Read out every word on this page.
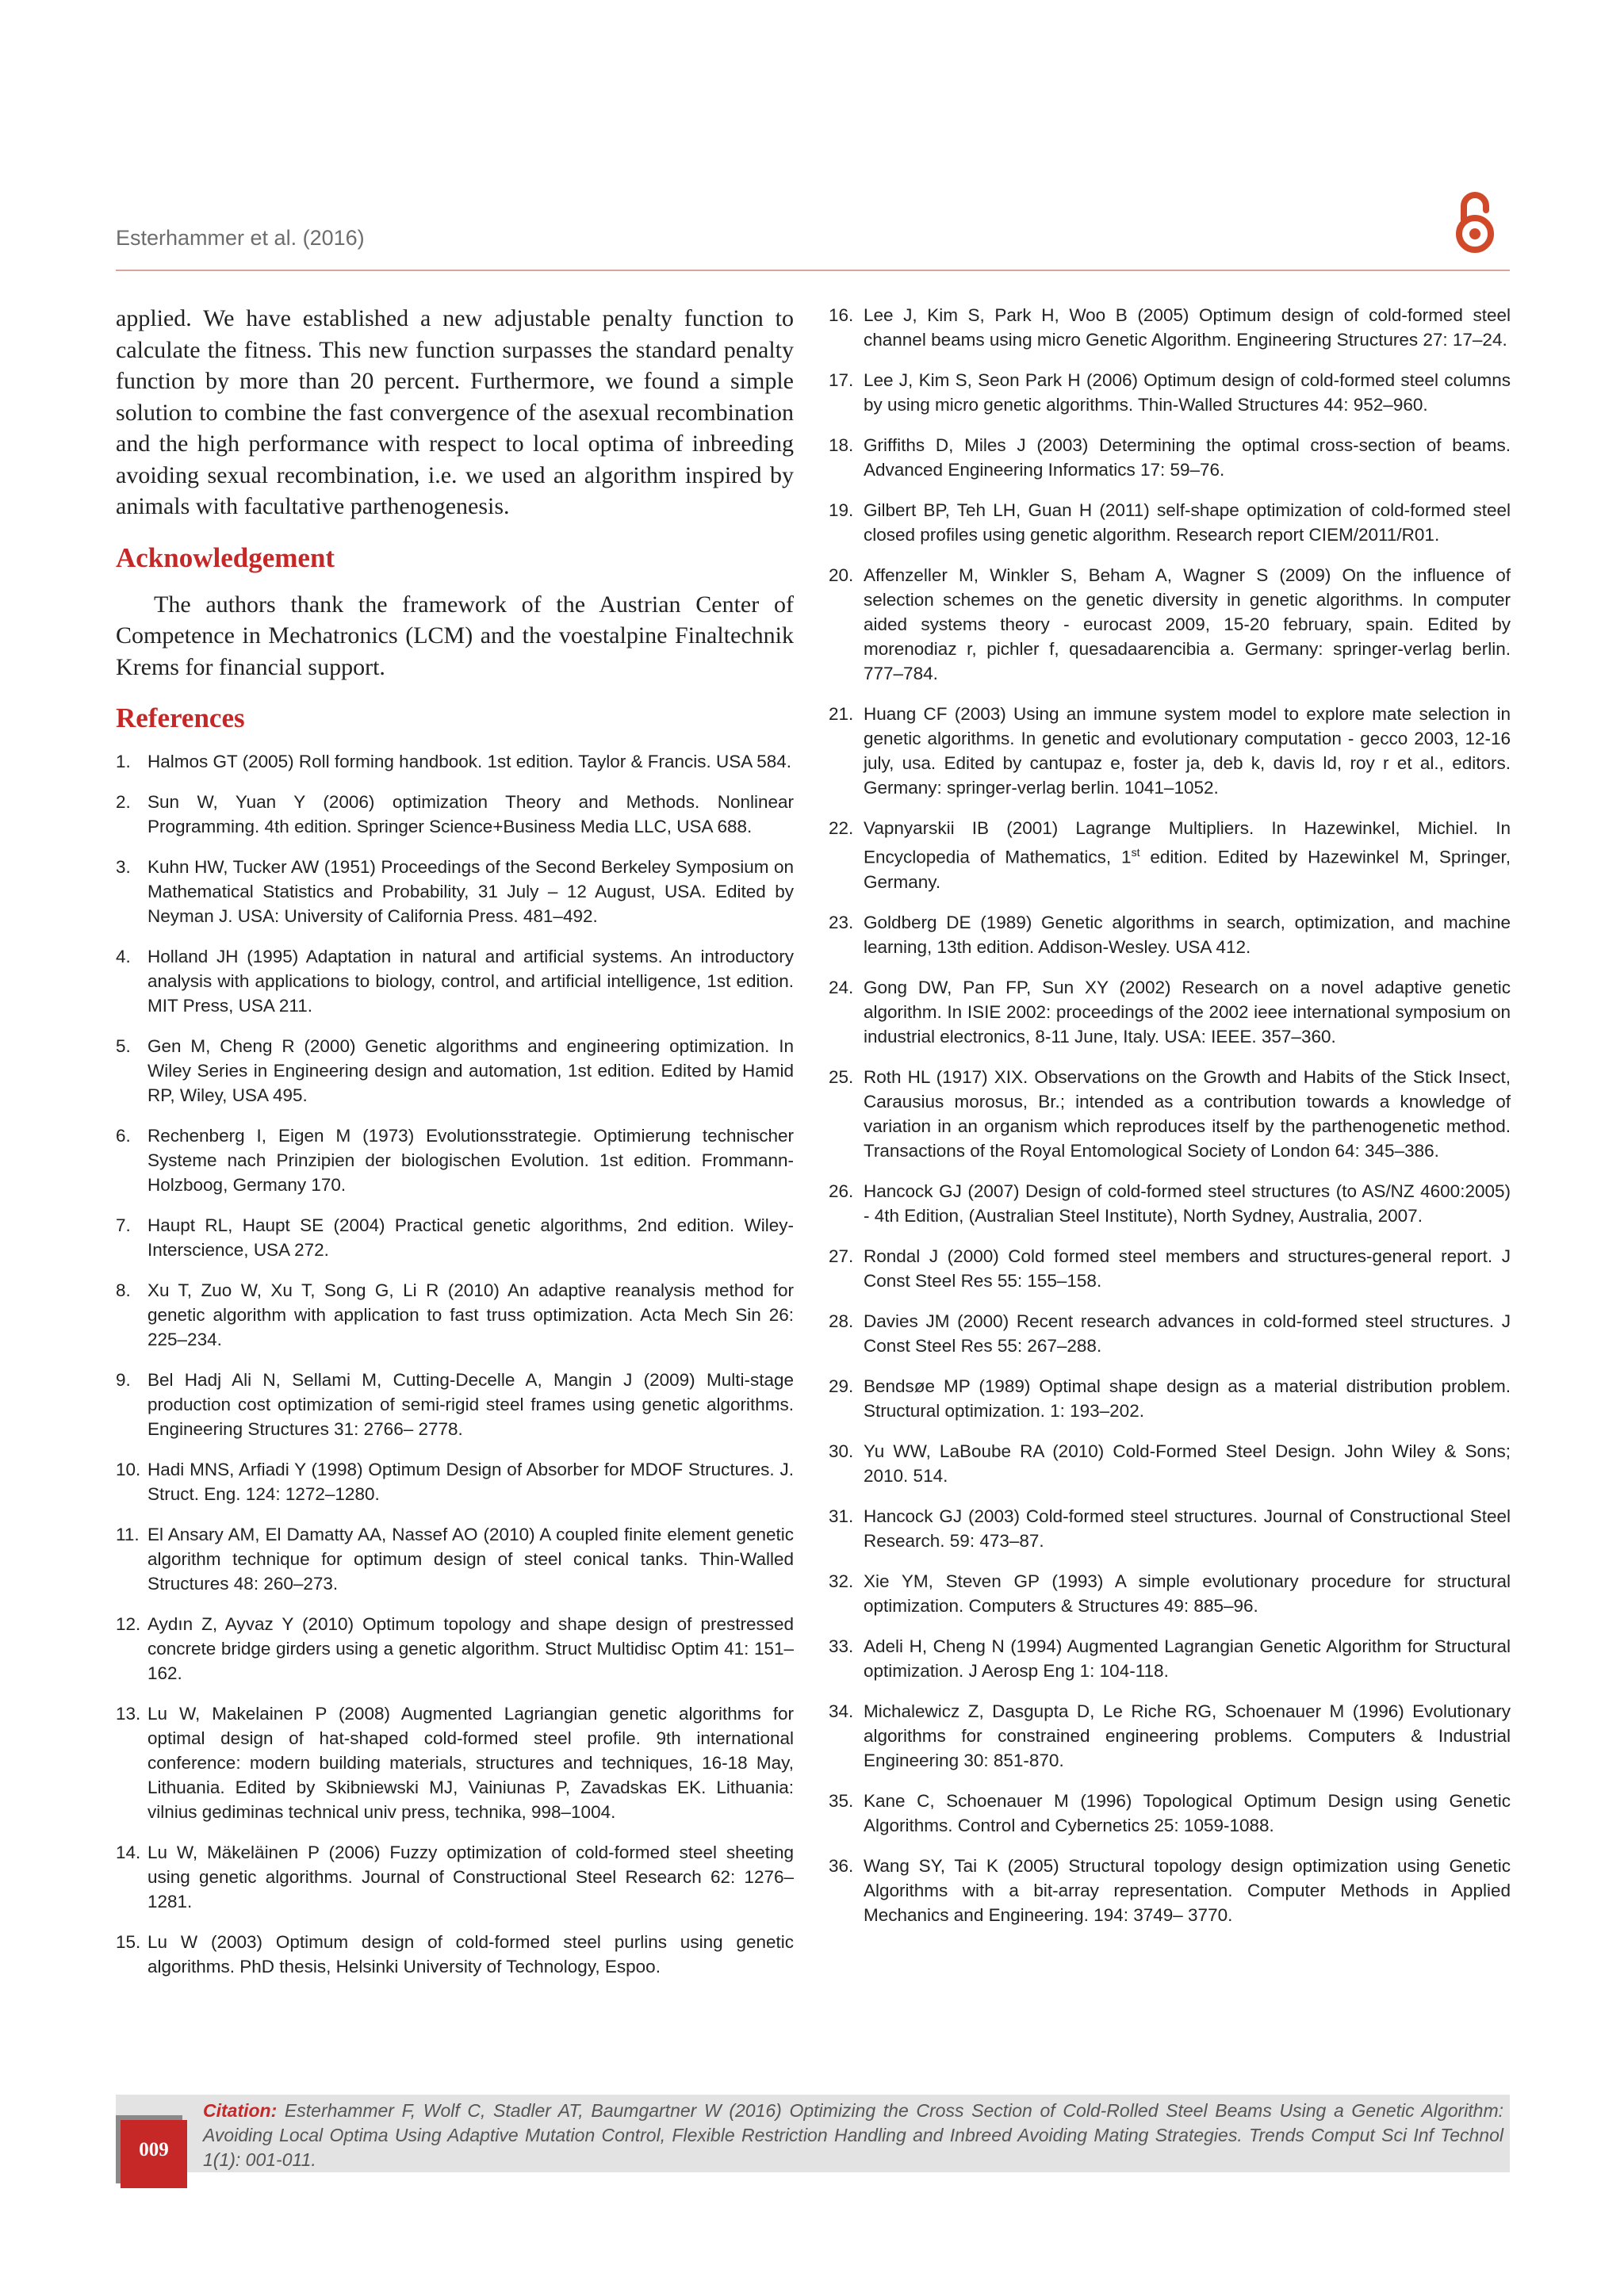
Esterhammer et al. (2016)

applied. We have established a new adjustable penalty function to calculate the fitness. This new function surpasses the standard penalty function by more than 20 percent. Furthermore, we found a simple solution to combine the fast convergence of the asexual recombination and the high performance with respect to local optima of inbreeding avoiding sexual recombination, i.e. we used an algorithm inspired by animals with facultative parthenogenesis.

Acknowledgement

The authors thank the framework of the Austrian Center of Competence in Mechatronics (LCM) and the voestalpine Finaltechnik Krems for financial support.

References
1. Halmos GT (2005) Roll forming handbook. 1st edition. Taylor & Francis. USA 584.
2. Sun W, Yuan Y (2006) optimization Theory and Methods. Nonlinear Programming. 4th edition. Springer Science+Business Media LLC, USA 688.
3. Kuhn HW, Tucker AW (1951) Proceedings of the Second Berkeley Symposium on Mathematical Statistics and Probability, 31 July – 12 August, USA. Edited by Neyman J. USA: University of California Press. 481–492.
4. Holland JH (1995) Adaptation in natural and artificial systems. An introductory analysis with applications to biology, control, and artificial intelligence, 1st edition. MIT Press, USA 211.
5. Gen M, Cheng R (2000) Genetic algorithms and engineering optimization. In Wiley Series in Engineering design and automation, 1st edition. Edited by Hamid RP, Wiley, USA 495.
6. Rechenberg I, Eigen M (1973) Evolutionsstrategie. Optimierung technischer Systeme nach Prinzipien der biologischen Evolution. 1st edition. Frommann-Holzboog, Germany 170.
7. Haupt RL, Haupt SE (2004) Practical genetic algorithms, 2nd edition. Wiley-Interscience, USA 272.
8. Xu T, Zuo W, Xu T, Song G, Li R (2010) An adaptive reanalysis method for genetic algorithm with application to fast truss optimization. Acta Mech Sin 26: 225–234.
9. Bel Hadj Ali N, Sellami M, Cutting-Decelle A, Mangin J (2009) Multi-stage production cost optimization of semi-rigid steel frames using genetic algorithms. Engineering Structures 31: 2766– 2778.
10. Hadi MNS, Arfiadi Y (1998) Optimum Design of Absorber for MDOF Structures. J. Struct. Eng. 124: 1272–1280.
11. El Ansary AM, El Damatty AA, Nassef AO (2010) A coupled finite element genetic algorithm technique for optimum design of steel conical tanks. Thin-Walled Structures 48: 260–273.
12. Aydın Z, Ayvaz Y (2010) Optimum topology and shape design of prestressed concrete bridge girders using a genetic algorithm. Struct Multidisc Optim 41: 151–162.
13. Lu W, Makelainen P (2008) Augmented Lagriangian genetic algorithms for optimal design of hat-shaped cold-formed steel profile. 9th international conference: modern building materials, structures and techniques, 16-18 May, Lithuania. Edited by Skibniewski MJ, Vainiunas P, Zavadskas EK. Lithuania: vilnius gediminas technical univ press, technika, 998–1004.
14. Lu W, Mäkeläinen P (2006) Fuzzy optimization of cold-formed steel sheeting using genetic algorithms. Journal of Constructional Steel Research 62: 1276–1281.
15. Lu W (2003) Optimum design of cold-formed steel purlins using genetic algorithms. PhD thesis, Helsinki University of Technology, Espoo.
16. Lee J, Kim S, Park H, Woo B (2005) Optimum design of cold-formed steel channel beams using micro Genetic Algorithm. Engineering Structures 27: 17–24.
17. Lee J, Kim S, Seon Park H (2006) Optimum design of cold-formed steel columns by using micro genetic algorithms. Thin-Walled Structures 44: 952–960.
18. Griffiths D, Miles J (2003) Determining the optimal cross-section of beams. Advanced Engineering Informatics 17: 59–76.
19. Gilbert BP, Teh LH, Guan H (2011) self-shape optimization of cold-formed steel closed profiles using genetic algorithm. Research report CIEM/2011/R01.
20. Affenzeller M, Winkler S, Beham A, Wagner S (2009) On the influence of selection schemes on the genetic diversity in genetic algorithms. In computer aided systems theory - eurocast 2009, 15-20 february, spain. Edited by morenodiaz r, pichler f, quesadaarencibia a. Germany: springer-verlag berlin. 777–784.
21. Huang CF (2003) Using an immune system model to explore mate selection in genetic algorithms. In genetic and evolutionary computation - gecco 2003, 12-16 july, usa. Edited by cantupaz e, foster ja, deb k, davis ld, roy r et al., editors. Germany: springer-verlag berlin. 1041–1052.
22. Vapnyarskii IB (2001) Lagrange Multipliers. In Hazewinkel, Michiel. In Encyclopedia of Mathematics, 1st edition. Edited by Hazewinkel M, Springer, Germany.
23. Goldberg DE (1989) Genetic algorithms in search, optimization, and machine learning, 13th edition. Addison-Wesley. USA 412.
24. Gong DW, Pan FP, Sun XY (2002) Research on a novel adaptive genetic algorithm. In ISIE 2002: proceedings of the 2002 ieee international symposium on industrial electronics, 8-11 June, Italy. USA: IEEE. 357–360.
25. Roth HL (1917) XIX. Observations on the Growth and Habits of the Stick Insect, Carausius morosus, Br.; intended as a contribution towards a knowledge of variation in an organism which reproduces itself by the parthenogenetic method. Transactions of the Royal Entomological Society of London 64: 345–386.
26. Hancock GJ (2007) Design of cold-formed steel structures (to AS/NZ 4600:2005) - 4th Edition, (Australian Steel Institute), North Sydney, Australia, 2007.
27. Rondal J (2000) Cold formed steel members and structures-general report. J Const Steel Res 55: 155–158.
28. Davies JM (2000) Recent research advances in cold-formed steel structures. J Const Steel Res 55: 267–288.
29. Bendsøe MP (1989) Optimal shape design as a material distribution problem. Structural optimization. 1: 193–202.
30. Yu WW, LaBoube RA (2010) Cold-Formed Steel Design. John Wiley & Sons; 2010. 514.
31. Hancock GJ (2003) Cold-formed steel structures. Journal of Constructional Steel Research. 59: 473–87.
32. Xie YM, Steven GP (1993) A simple evolutionary procedure for structural optimization. Computers & Structures 49: 885–96.
33. Adeli H, Cheng N (1994) Augmented Lagrangian Genetic Algorithm for Structural optimization. J Aerosp Eng 1: 104-118.
34. Michalewicz Z, Dasgupta D, Le Riche RG, Schoenauer M (1996) Evolutionary algorithms for constrained engineering problems. Computers & Industrial Engineering 30: 851-870.
35. Kane C, Schoenauer M (1996) Topological Optimum Design using Genetic Algorithms. Control and Cybernetics 25: 1059-1088.
36. Wang SY, Tai K (2005) Structural topology design optimization using Genetic Algorithms with a bit-array representation. Computer Methods in Applied Mechanics and Engineering. 194: 3749– 3770.
009
Citation: Esterhammer F, Wolf C, Stadler AT, Baumgartner W (2016) Optimizing the Cross Section of Cold-Rolled Steel Beams Using a Genetic Algorithm: Avoiding Local Optima Using Adaptive Mutation Control, Flexible Restriction Handling and Inbreed Avoiding Mating Strategies. Trends Comput Sci Inf Technol 1(1): 001-011.
